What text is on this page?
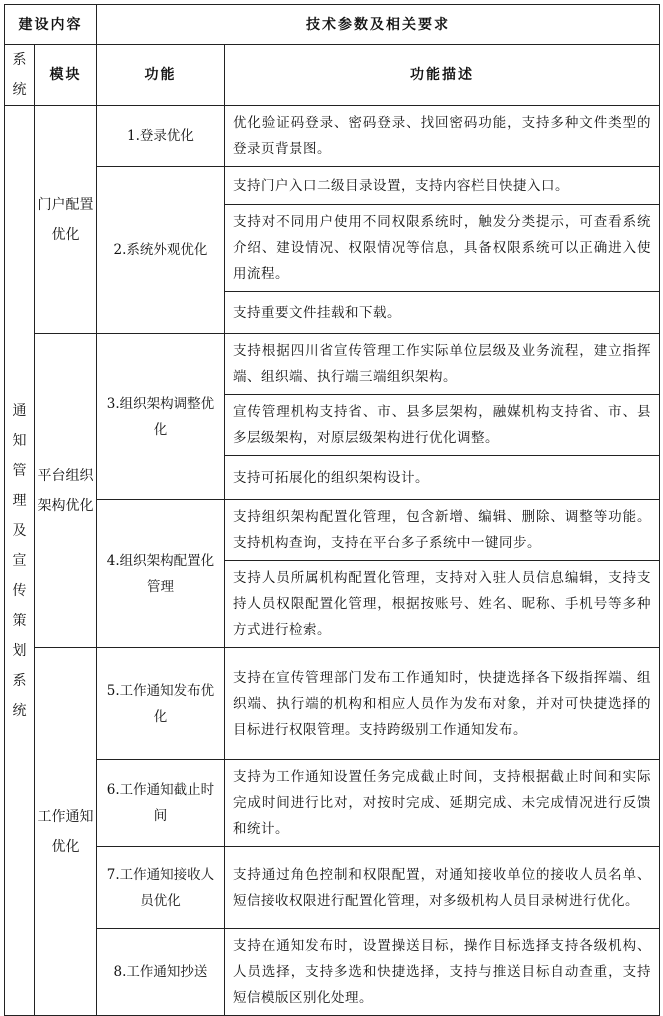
建设内容		技术参数及相关要求	
系统	模块	功能	功能描述
通知管理及宣传策划系统	门户配置优化	1.登录优化	优化验证码登录、密码登录、找回密码功能，支持多种文件类型的登录页背景图。
		2.系统外观优化	支持门户入口二级目录设置，支持内容栏目快捷入口。
			支持对不同用户使用不同权限系统时，触发分类提示，可查看系统介绍、建设情况、权限情况等信息，具备权限系统可以正确进入使用流程。
			支持重要文件挂载和下载。
	平台组织架构优化	3.组织架构调整优化	支持根据四川省宣传管理工作实际单位层级及业务流程，建立指挥端、组织端、执行端三端组织架构。
			宣传管理机构支持省、市、县多层架构，融媒机构支持省、市、县多层级架构，对原层级架构进行优化调整。
			支持可拓展化的组织架构设计。
		4.组织架构配置化管理	支持组织架构配置化管理，包含新增、编辑、删除、调整等功能。支持机构查询，支持在平台多子系统中一键同步。
			支持人员所属机构配置化管理，支持对入驻人员信息编辑，支持支持人员权限配置化管理，根据按账号、姓名、昵称、手机号等多种方式进行检索。
	工作通知优化	5.工作通知发布优化	支持在宣传管理部门发布工作通知时，快捷选择各下级指挥端、组织端、执行端的机构和相应人员作为发布对象，并对可快捷选择的目标进行权限管理。支持跨级别工作通知发布。
		6.工作通知截止时间	支持为工作通知设置任务完成截止时间，支持根据截止时间和实际完成时间进行比对，对按时完成、延期完成、未完成情况进行反馈和统计。
		7.工作通知接收人员优化	支持通过角色控制和权限配置，对通知接收单位的接收人员名单、短信接收权限进行配置化管理，对多级机构人员目录树进行优化。
		8.工作通知抄送	支持在通知发布时，设置操送目标，操作目标选择支持各级机构、人员选择，支持多选和快捷选择，支持与推送目标自动查重，支持短信模版区别化处理。
